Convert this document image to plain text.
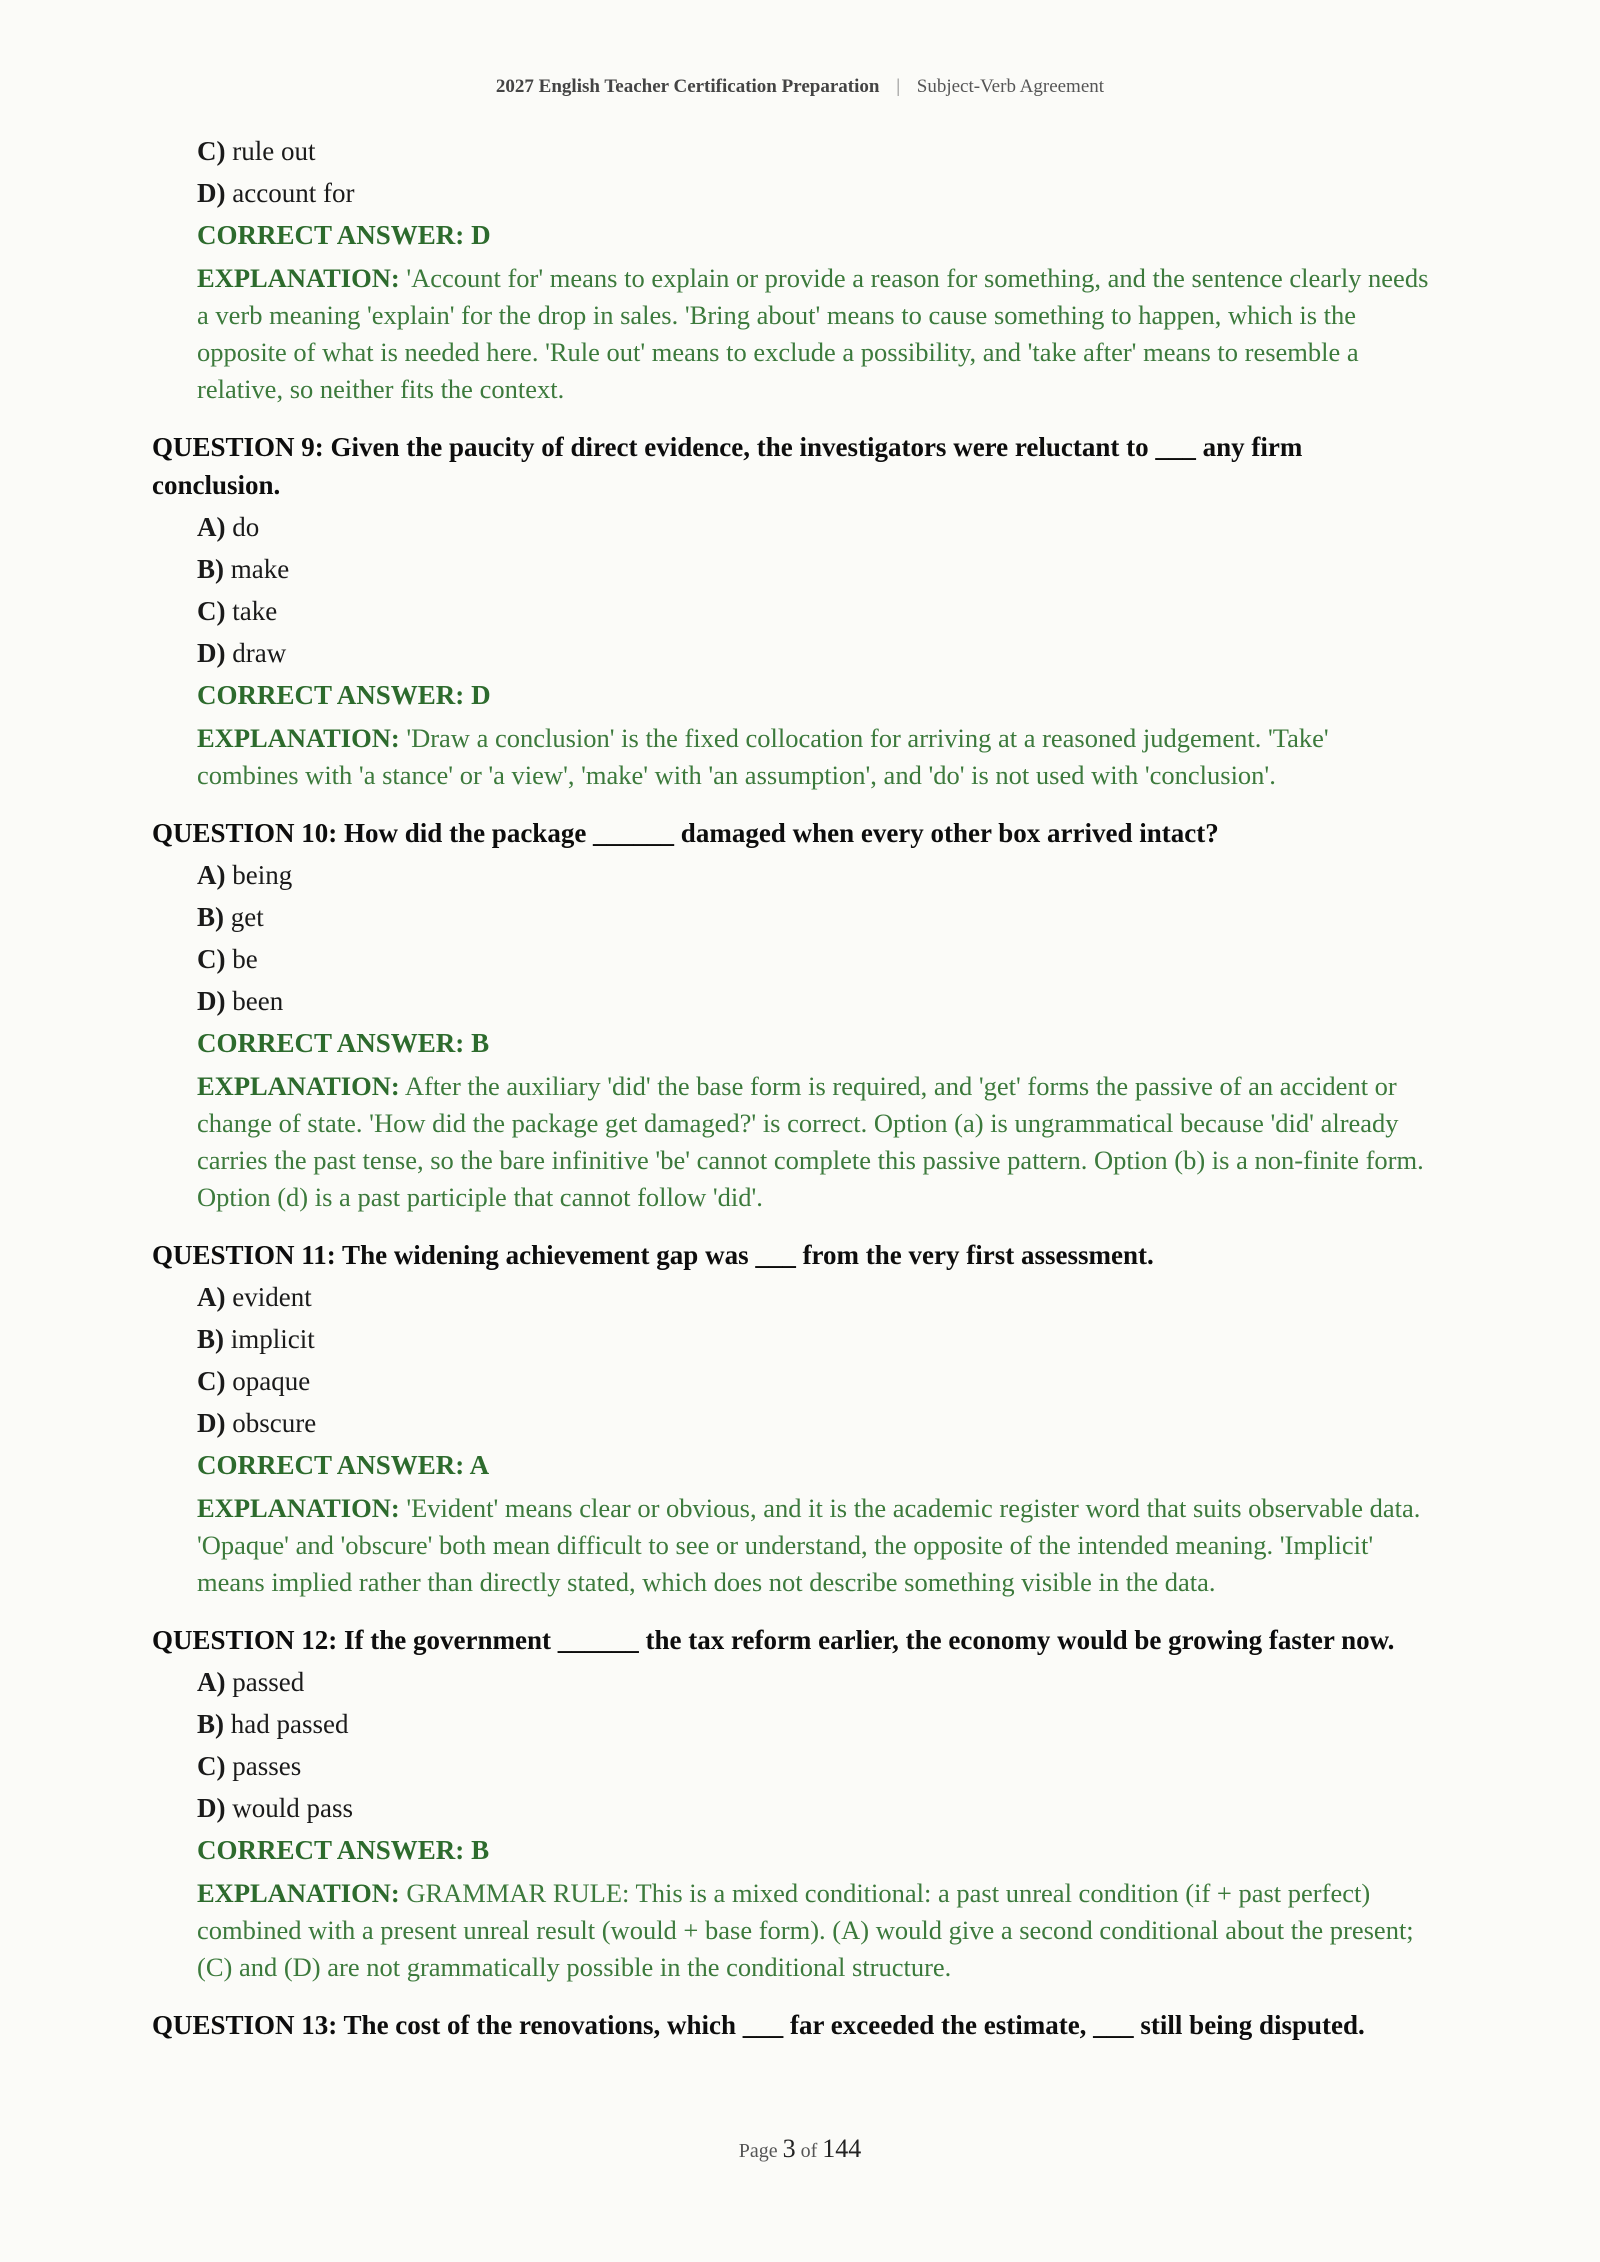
2027 English Teacher Certification Preparation | Subject-Verb Agreement
C) rule out
D) account for
CORRECT ANSWER: D
EXPLANATION: 'Account for' means to explain or provide a reason for something, and the sentence clearly needs a verb meaning 'explain' for the drop in sales. 'Bring about' means to cause something to happen, which is the opposite of what is needed here. 'Rule out' means to exclude a possibility, and 'take after' means to resemble a relative, so neither fits the context.
QUESTION 9: Given the paucity of direct evidence, the investigators were reluctant to ___ any firm conclusion.
A) do
B) make
C) take
D) draw
CORRECT ANSWER: D
EXPLANATION: 'Draw a conclusion' is the fixed collocation for arriving at a reasoned judgement. 'Take' combines with 'a stance' or 'a view', 'make' with 'an assumption', and 'do' is not used with 'conclusion'.
QUESTION 10: How did the package ______ damaged when every other box arrived intact?
A) being
B) get
C) be
D) been
CORRECT ANSWER: B
EXPLANATION: After the auxiliary 'did' the base form is required, and 'get' forms the passive of an accident or change of state. 'How did the package get damaged?' is correct. Option (a) is ungrammatical because 'did' already carries the past tense, so the bare infinitive 'be' cannot complete this passive pattern. Option (b) is a non-finite form. Option (d) is a past participle that cannot follow 'did'.
QUESTION 11: The widening achievement gap was ___ from the very first assessment.
A) evident
B) implicit
C) opaque
D) obscure
CORRECT ANSWER: A
EXPLANATION: 'Evident' means clear or obvious, and it is the academic register word that suits observable data. 'Opaque' and 'obscure' both mean difficult to see or understand, the opposite of the intended meaning. 'Implicit' means implied rather than directly stated, which does not describe something visible in the data.
QUESTION 12: If the government ______ the tax reform earlier, the economy would be growing faster now.
A) passed
B) had passed
C) passes
D) would pass
CORRECT ANSWER: B
EXPLANATION: GRAMMAR RULE: This is a mixed conditional: a past unreal condition (if + past perfect) combined with a present unreal result (would + base form). (A) would give a second conditional about the present; (C) and (D) are not grammatically possible in the conditional structure.
QUESTION 13: The cost of the renovations, which ___ far exceeded the estimate, ___ still being disputed.
Page 3 of 144
